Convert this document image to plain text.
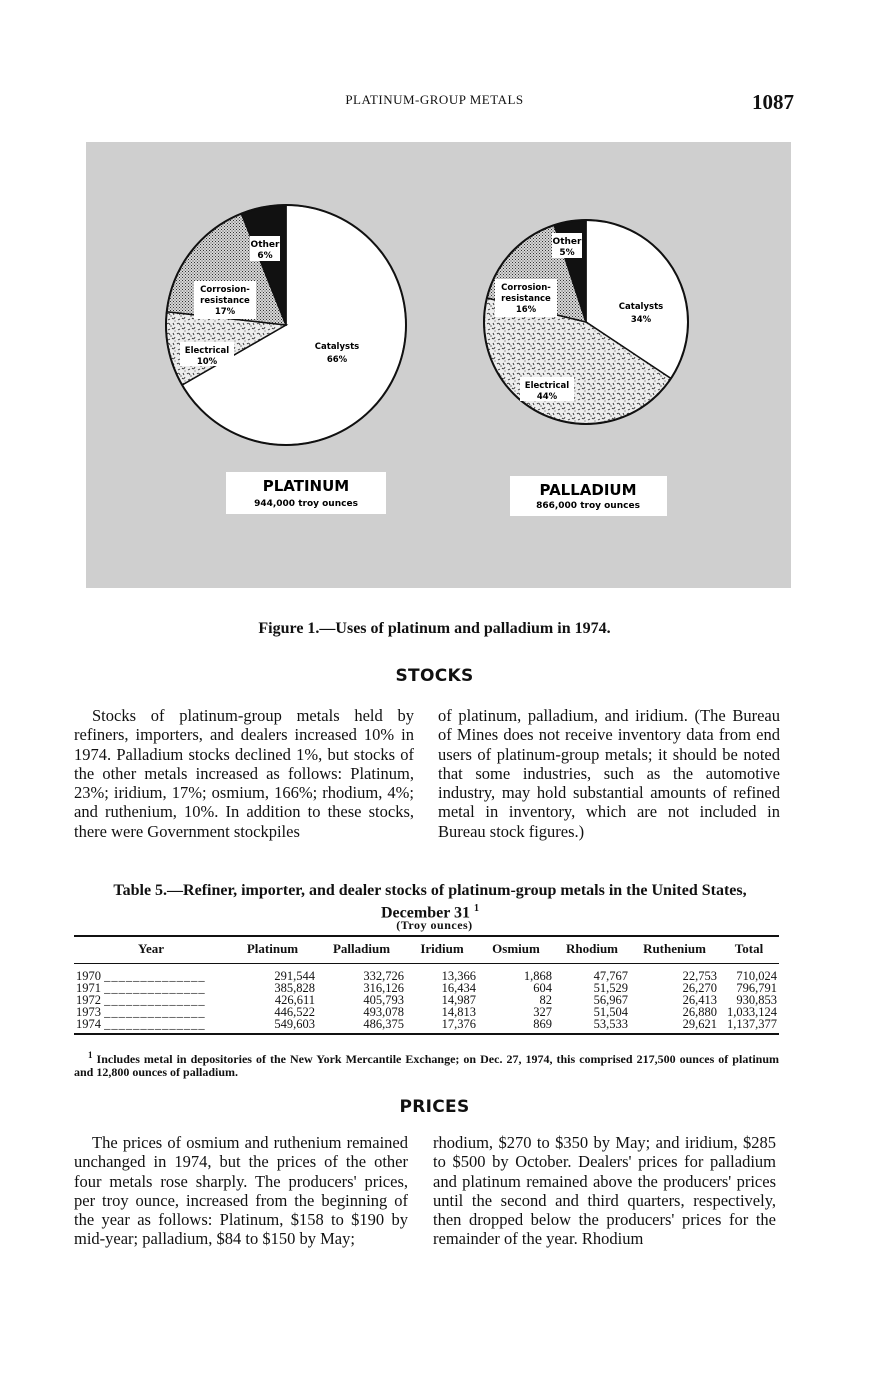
PLATINUM-GROUP METALS	1087
PLATINUM
944,000 troy ounces
PALLADIUM
866,000 troy ounces
Other
6%
Corrosion-
resistance
17%
Electrical
10%
Catalysts
66%
Other
5%
Corrosion-
resistance
16%
Electrical
44%
Catalysts
34%
Figure 1.—Uses of platinum and palladium in 1974.
STOCKS
Stocks of platinum-group metals held by refiners, importers, and dealers increased 10% in 1974. Palladium stocks declined 1%, but stocks of the other metals increased as follows: Platinum, 23%; iridium, 17%; osmium, 166%; rhodium, 4%; and ruthenium, 10%. In addition to these stocks, there were Government stockpiles
of platinum, palladium, and iridium. (The Bureau of Mines does not receive inventory data from end users of platinum-group metals; it should be noted that some industries, such as the automotive industry, may hold substantial amounts of refined metal in inventory, which are not included in Bureau stock figures.)
Table 5.—Refiner, importer, and dealer stocks of platinum-group metals in the United States, December 31 $^1$
(Troy ounces)
Year	Platinum	Palladium	Iridium	Osmium	Rhodium	Ruthenium	Total
1970 ______________	291,544	332,726	13,366	1,868	47,767	22,753	710,024
1971 ______________	385,828	316,126	16,434	604	51,529	26,270	796,791
1972 ______________	426,611	405,793	14,987	82	56,967	26,413	930,853
1973 ______________	446,522	493,078	14,813	327	51,504	26,880	1,033,124
1974 ______________	549,603	486,375	17,376	869	53,533	29,621	1,137,377
$^1$ Includes metal in depositories of the New York Mercantile Exchange; on Dec. 27, 1974, this comprised 217,500 ounces of platinum and 12,800 ounces of palladium.
PRICES
The prices of osmium and ruthenium remained unchanged in 1974, but the prices of the other four metals rose sharply. The producers' prices, per troy ounce, increased from the beginning of the year as follows: Platinum, $158 to $190 by mid-year; palladium, $84 to $150 by May;
rhodium, $270 to $350 by May; and iridium, $285 to $500 by October. Dealers' prices for palladium and platinum remained above the producers' prices until the second and third quarters, respectively, then dropped below the producers' prices for the remainder of the year. Rhodium
